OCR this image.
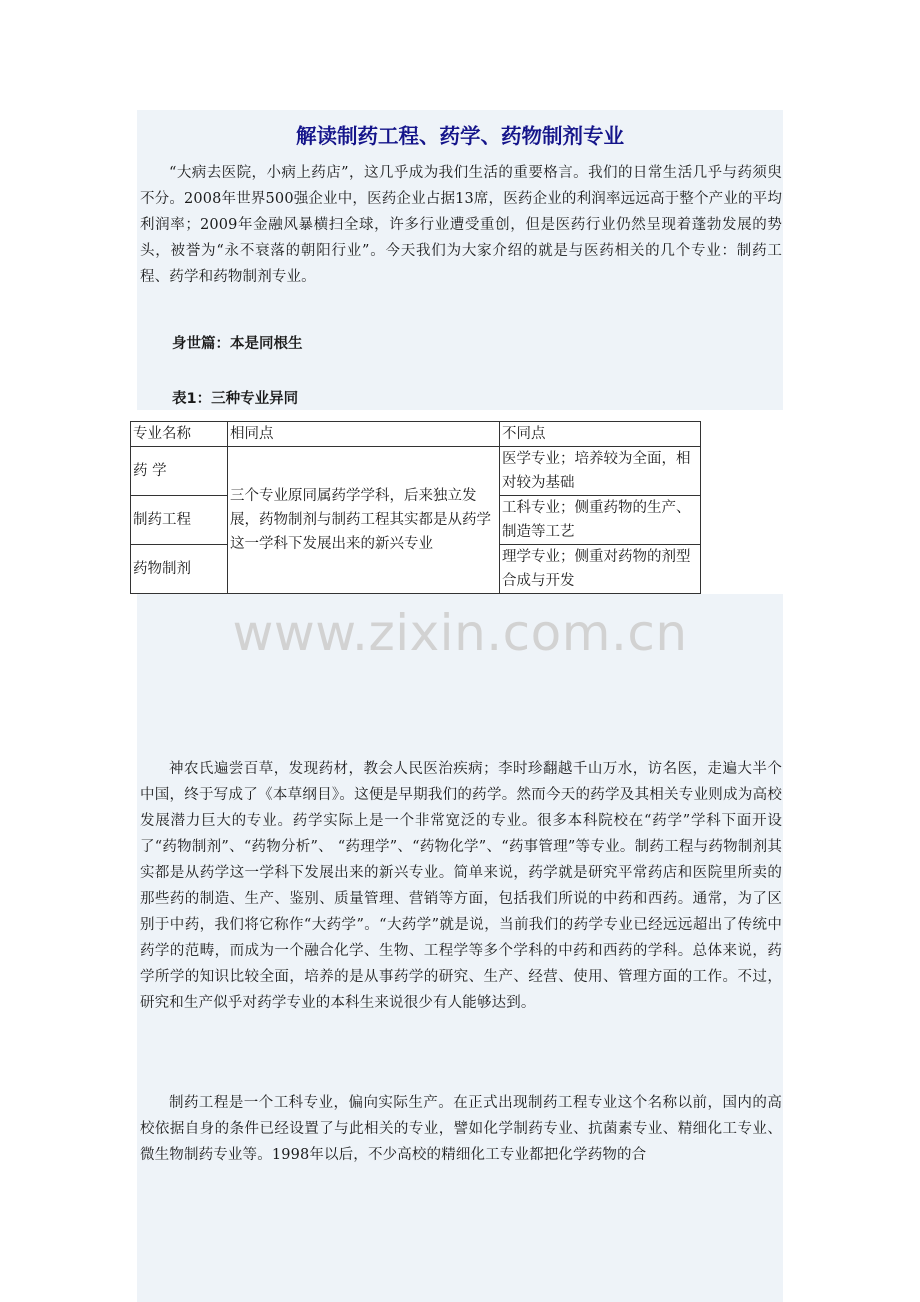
解读制药工程、药学、药物制剂专业

“大病去医院，小病上药店”，这几乎成为我们生活的重要格言。我们的日常生活几乎与药须臾不分。2008年世界500强企业中，医药企业占据13席，医药企业的利润率远远高于整个产业的平均利润率；2009年金融风暴横扫全球，许多行业遭受重创，但是医药行业仍然呈现着蓬勃发展的势头，被誉为“永不衰落的朝阳行业”。今天我们为大家介绍的就是与医药相关的几个专业：制药工程、药学和药物制剂专业。

身世篇：本是同根生
表1：三种专业异同
专业名称	相同点	不同点
药 学	三个专业原同属药学学科，后来独立发展，药物制剂与制药工程其实都是从药学这一学科下发展出来的新兴专业	医学专业；培养较为全面，相对较为基础
制药工程		工科专业；侧重药物的生产、制造等工艺
药物制剂		理学专业；侧重对药物的剂型合成与开发
www.zixin.com.cn

神农氏遍尝百草，发现药材，教会人民医治疾病；李时珍翻越千山万水，访名医，走遍大半个中国，终于写成了《本草纲目》。这便是早期我们的药学。然而今天的药学及其相关专业则成为高校发展潜力巨大的专业。药学实际上是一个非常宽泛的专业。很多本科院校在“药学”学科下面开设了“药物制剂”、“药物分析”、 “药理学”、“药物化学”、“药事管理”等专业。制药工程与药物制剂其实都是从药学这一学科下发展出来的新兴专业。简单来说，药学就是研究平常药店和医院里所卖的那些药的制造、生产、鉴别、质量管理、营销等方面，包括我们所说的中药和西药。通常，为了区别于中药，我们将它称作“大药学”。“大药学”就是说，当前我们的药学专业已经远远超出了传统中药学的范畴，而成为一个融合化学、生物、工程学等多个学科的中药和西药的学科。总体来说，药学所学的知识比较全面，培养的是从事药学的研究、生产、经营、使用、管理方面的工作。不过，研究和生产似乎对药学专业的本科生来说很少有人能够达到。

制药工程是一个工科专业，偏向实际生产。在正式出现制药工程专业这个名称以前，国内的高校依据自身的条件已经设置了与此相关的专业，譬如化学制药专业、抗菌素专业、精细化工专业、微生物制药专业等。1998年以后，不少高校的精细化工专业都把化学药物的合
